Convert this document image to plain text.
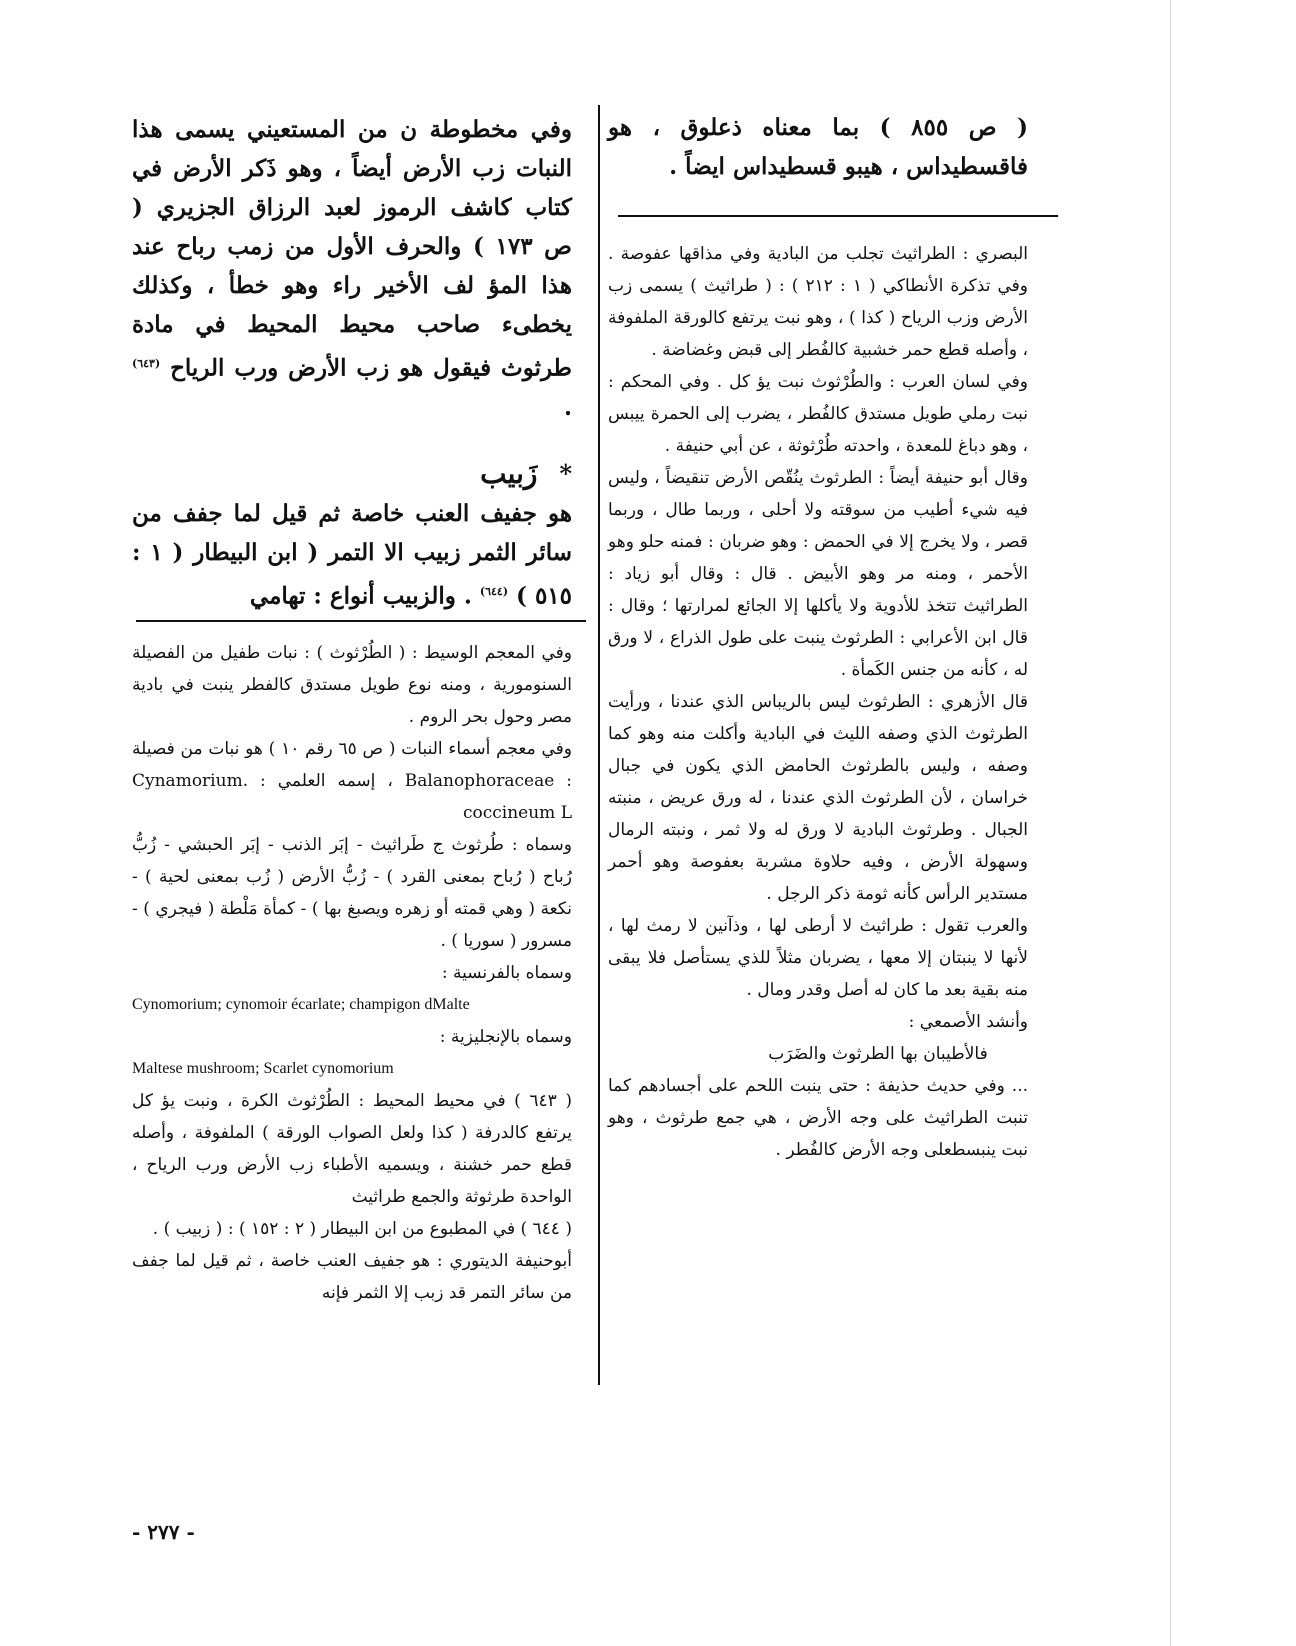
( ص ٨٥٥ ) بما معناه ذعلوق ، هو فاقسطيداس ، هيبو قسطيداس ايضاً .

البصري : الطراثيث تجلب من البادية وفي مذاقها عفوصة . وفي تذكرة الأنطاكي ( ١ : ٢١٢ ) : ( طراثيث ) يسمى زب الأرض وزب الرياح ( كذا ) ، وهو نبت يرتفع كالورقة الملفوفة ، وأصله قطع حمر خشبية كالفُطر إلى قبض وغضاضة .

وفي لسان العرب : والطُرْثوث نبت يؤ كل . وفي المحكم : نبت رملي طويل مستدق كالفُطر ، يضرب إلى الحمرة ييبس ، وهو دباغ للمعدة ، واحدته طُرْثوثة ، عن أبي حنيفة .

وقال أبو حنيفة أيضاً : الطرثوث ينُقّص الأرض تنقيضاً ، وليس فيه شيء أطيب من سوقته ولا أحلى ، وربما طال ، وربما قصر ، ولا يخرج إلا في الحمض : وهو ضربان : فمنه حلو وهو الأحمر ، ومنه مر وهو الأبيض . قال : وقال أبو زياد : الطراثيث تتخذ للأدوية ولا يأكلها إلا الجائع لمرارتها ؛ وقال : قال ابن الأعرابي : الطرثوث ينبت على طول الذراع ، لا ورق له ، كأنه من جنس الكَمأة .

قال الأزهري : الطرثوث ليس بالريباس الذي عندنا ، ورأيت الطرثوث الذي وصفه الليث في البادية وأكلت منه وهو كما وصفه ، وليس بالطرثوث الحامض الذي يكون في جبال خراسان ، لأن الطرثوث الذي عندنا ، له ورق عريض ، منبته الجبال . وطرثوث البادية لا ورق له ولا ثمر ، ونبته الرمال وسهولة الأرض ، وفيه حلاوة مشربة بعفوصة وهو أحمر مستدير الرأس كأنه ثومة ذكر الرجل .

والعرب تقول : طراثيث لا أرطى لها ، وذآنين لا رمث لها ، لأنها لا ينبتان إلا معها ، يضربان مثلاً للذي يستأصل فلا يبقى منه بقية بعد ما كان له أصل وقدر ومال .

وأنشد الأصمعي :

فالأطيبان بها الطرثوث والضَرَب

... وفي حديث حذيفة : حتى ينبت اللحم على أجسادهم كما تنبت الطراثيث على وجه الأرض ، هي جمع طرثوث ، وهو نبت ينبسطعلى وجه الأرض كالفُطر .

وفي مخطوطة ن من المستعيني يسمى هذا النبات زب الأرض أيضاً ، وهو ذَكر الأرض في كتاب كاشف الرموز لعبد الرزاق الجزيري ( ص ١٧٣ ) والحرف الأول من زمب رباح عند هذا المؤ لف الأخير راء وهو خطأ ، وكذلك يخطىء صاحب محيط المحيط في مادة طرثوث فيقول هو زب الأرض ورب الرياح $^{(٦٤٣)}$ .

*
زَبيب

هو جفيف العنب خاصة ثم قيل لما جفف من سائر الثمر زبيب الا التمر ( ابن البيطار ( ١ : ٥١٥ ) $^{(٦٤٤)}$ . والزبيب أنواع : تهامي

وفي المعجم الوسيط : ( الطُرْثوث ) : نبات طفيل من الفصيلة السنومورية ، ومنه نوع طويل مستدق كالفطر ينبت في بادية مصر وحول بحر الروم .

وفي معجم أسماء النبات ( ص ٦٥ رقم ١٠ ) هو نبات من فصيلة : Balanophoraceae ، إسمه العلمي : .Cynamorium coccineum L

وسماه : طُرثوث ج طَراثيث - إبَر الذنب - إبَر الحبشي - زُبُّ رُباح ( رُباح بمعنى القرد ) - زُبُّ الأرض ( زُب بمعنى لحية ) - نكعة ( وهي قمته أو زهره ويصبغ بها ) - كمأة مَلْطة ( فيجري ) - مسرور ( سوريا ) .

وسماه بالفرنسية :

Cynomorium; cynomoir écarlate; champigon dMalte

وسماه بالإنجليزية :

Maltese mushroom; Scarlet cynomorium

( ٦٤٣ ) في محيط المحيط : الطُرْثوث الكرة ، ونبت يؤ كل يرتفع كالدرفة ( كذا ولعل الصواب الورقة ) الملفوفة ، وأصله قطع حمر خشنة ، ويسميه الأطباء زب الأرض ورب الرياح ، الواحدة طرثوثة والجمع طراثيث

( ٦٤٤ ) في المطبوع من ابن البيطار ( ٢ : ١٥٢ ) : ( زبيب ) .

أبوحنيفة الديتوري : هو جفيف العنب خاصة ، ثم قيل لما جفف من سائر التمر قد زبب إلا الثمر فإنه

- ٢٧٧ -
